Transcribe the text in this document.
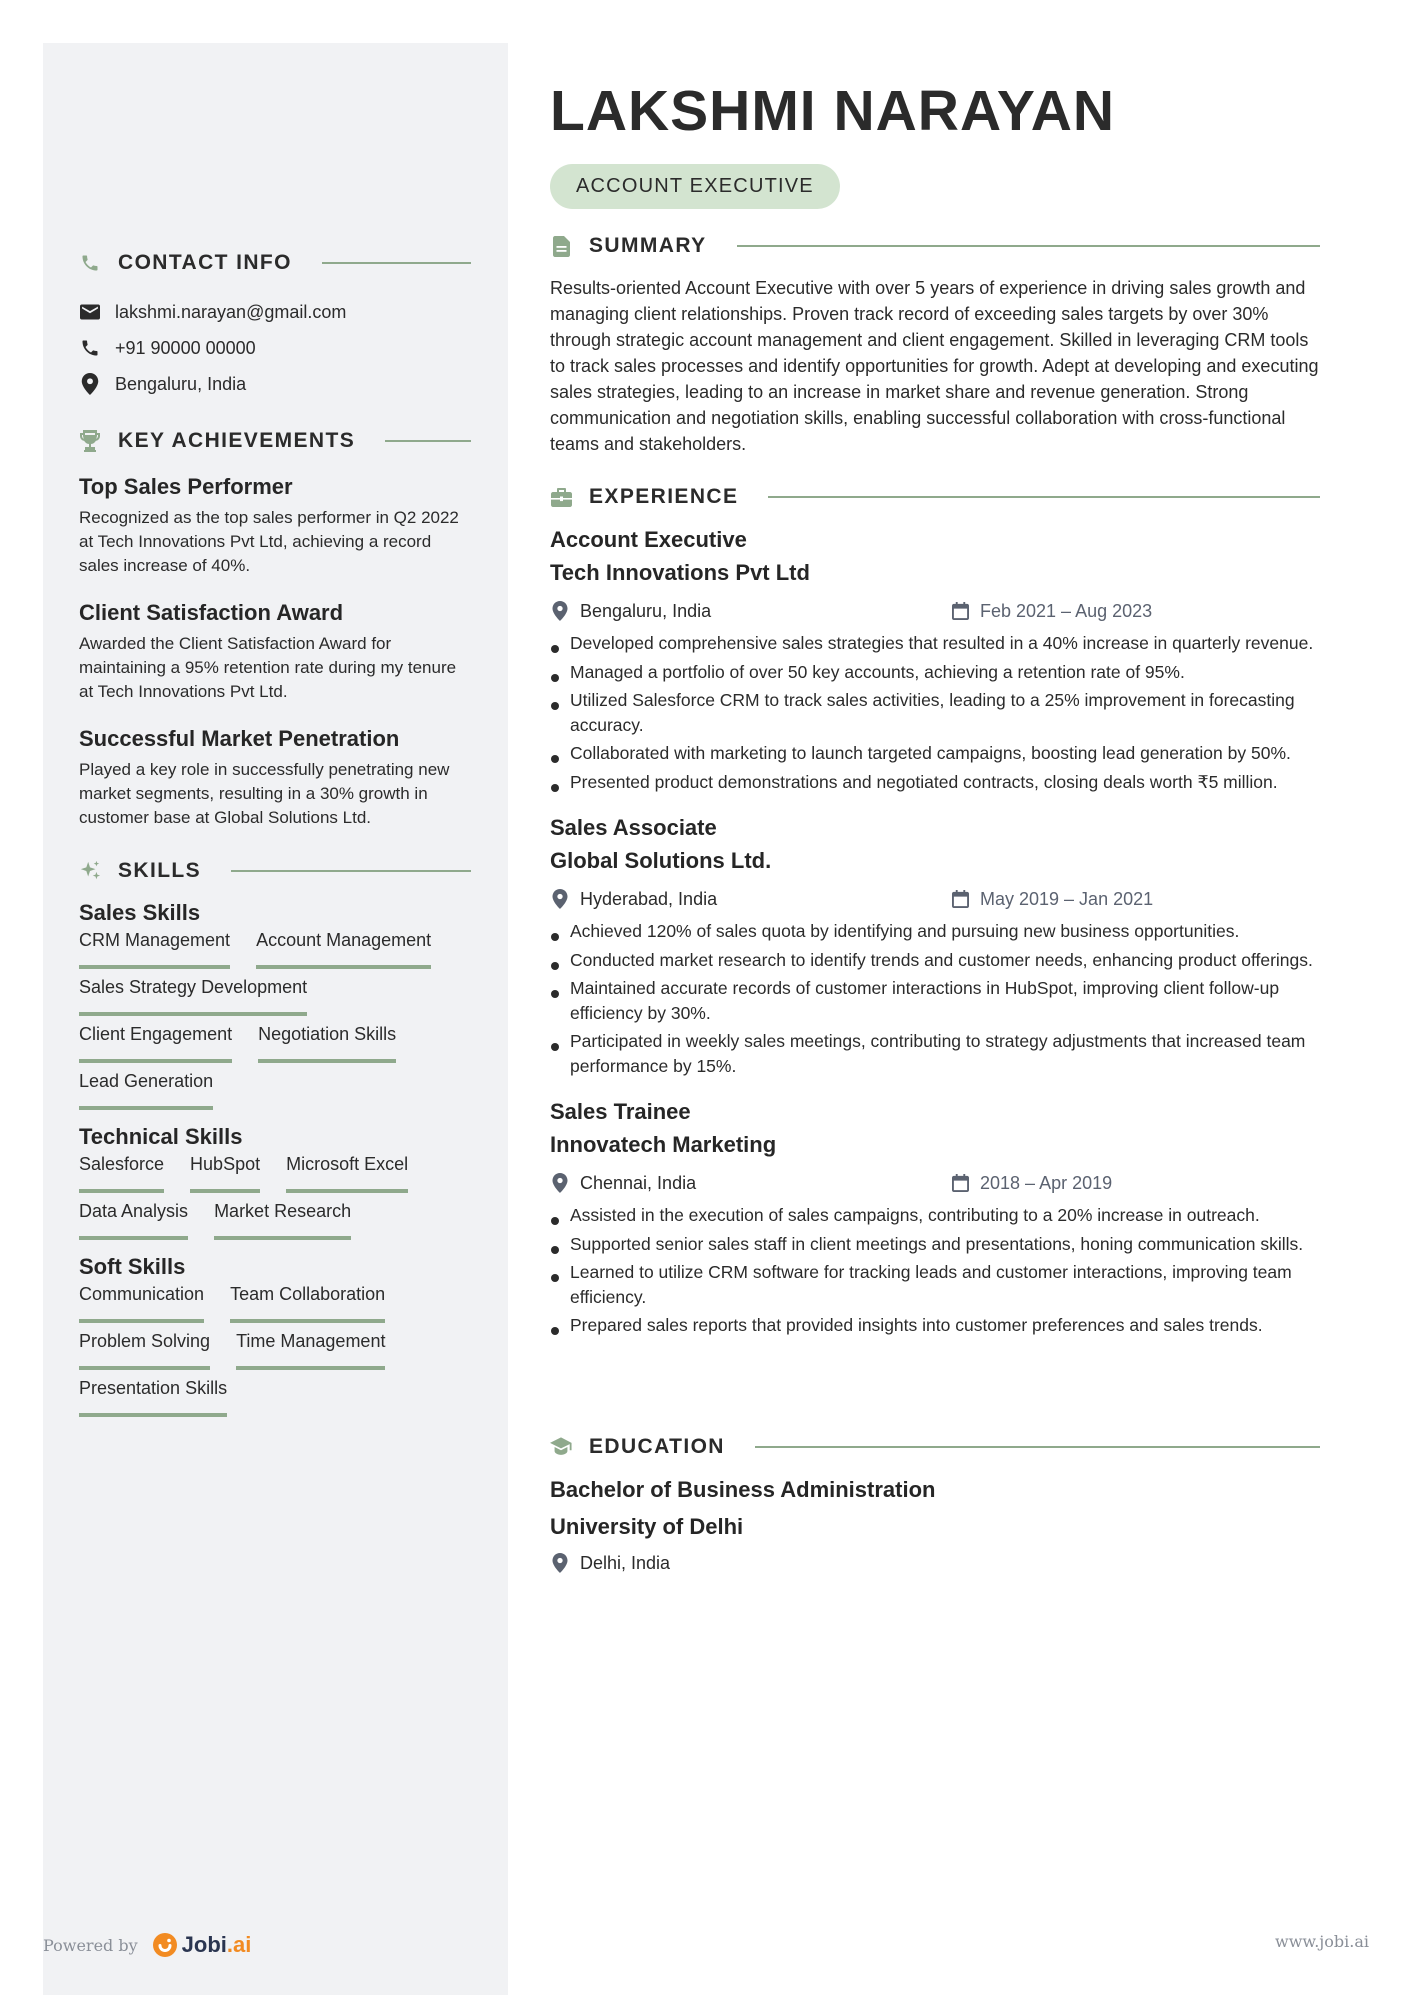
CONTACT INFO
lakshmi.narayan@gmail.com
+91 90000 00000
Bengaluru, India
KEY ACHIEVEMENTS
Top Sales Performer
Recognized as the top sales performer in Q2 2022 at Tech Innovations Pvt Ltd, achieving a record sales increase of 40%.
Client Satisfaction Award
Awarded the Client Satisfaction Award for maintaining a 95% retention rate during my tenure at Tech Innovations Pvt Ltd.
Successful Market Penetration
Played a key role in successfully penetrating new market segments, resulting in a 30% growth in customer base at Global Solutions Ltd.
SKILLS
Sales Skills
CRM Management Account Management
Sales Strategy Development
Client Engagement Negotiation Skills
Lead Generation
Technical Skills
Salesforce HubSpot Microsoft Excel
Data Analysis Market Research
Soft Skills
Communication Team Collaboration
Problem Solving Time Management
Presentation Skills
LAKSHMI NARAYAN
ACCOUNT EXECUTIVE
SUMMARY
Results-oriented Account Executive with over 5 years of experience in driving sales growth and managing client relationships. Proven track record of exceeding sales targets by over 30% through strategic account management and client engagement. Skilled in leveraging CRM tools to track sales processes and identify opportunities for growth. Adept at developing and executing sales strategies, leading to an increase in market share and revenue generation. Strong communication and negotiation skills, enabling successful collaboration with cross-functional teams and stakeholders.
EXPERIENCE
Account Executive
Tech Innovations Pvt Ltd
Bengaluru, India	Feb 2021 – Aug 2023
Developed comprehensive sales strategies that resulted in a 40% increase in quarterly revenue.
Managed a portfolio of over 50 key accounts, achieving a retention rate of 95%.
Utilized Salesforce CRM to track sales activities, leading to a 25% improvement in forecasting accuracy.
Collaborated with marketing to launch targeted campaigns, boosting lead generation by 50%.
Presented product demonstrations and negotiated contracts, closing deals worth ₹5 million.
Sales Associate
Global Solutions Ltd.
Hyderabad, India	May 2019 – Jan 2021
Achieved 120% of sales quota by identifying and pursuing new business opportunities.
Conducted market research to identify trends and customer needs, enhancing product offerings.
Maintained accurate records of customer interactions in HubSpot, improving client follow-up efficiency by 30%.
Participated in weekly sales meetings, contributing to strategy adjustments that increased team performance by 15%.
Sales Trainee
Innovatech Marketing
Chennai, India	2018 – Apr 2019
Assisted in the execution of sales campaigns, contributing to a 20% increase in outreach.
Supported senior sales staff in client meetings and presentations, honing communication skills.
Learned to utilize CRM software for tracking leads and customer interactions, improving team efficiency.
Prepared sales reports that provided insights into customer preferences and sales trends.
EDUCATION
Bachelor of Business Administration
University of Delhi
Delhi, India
Powered by Jobi .ai	www.jobi.ai
